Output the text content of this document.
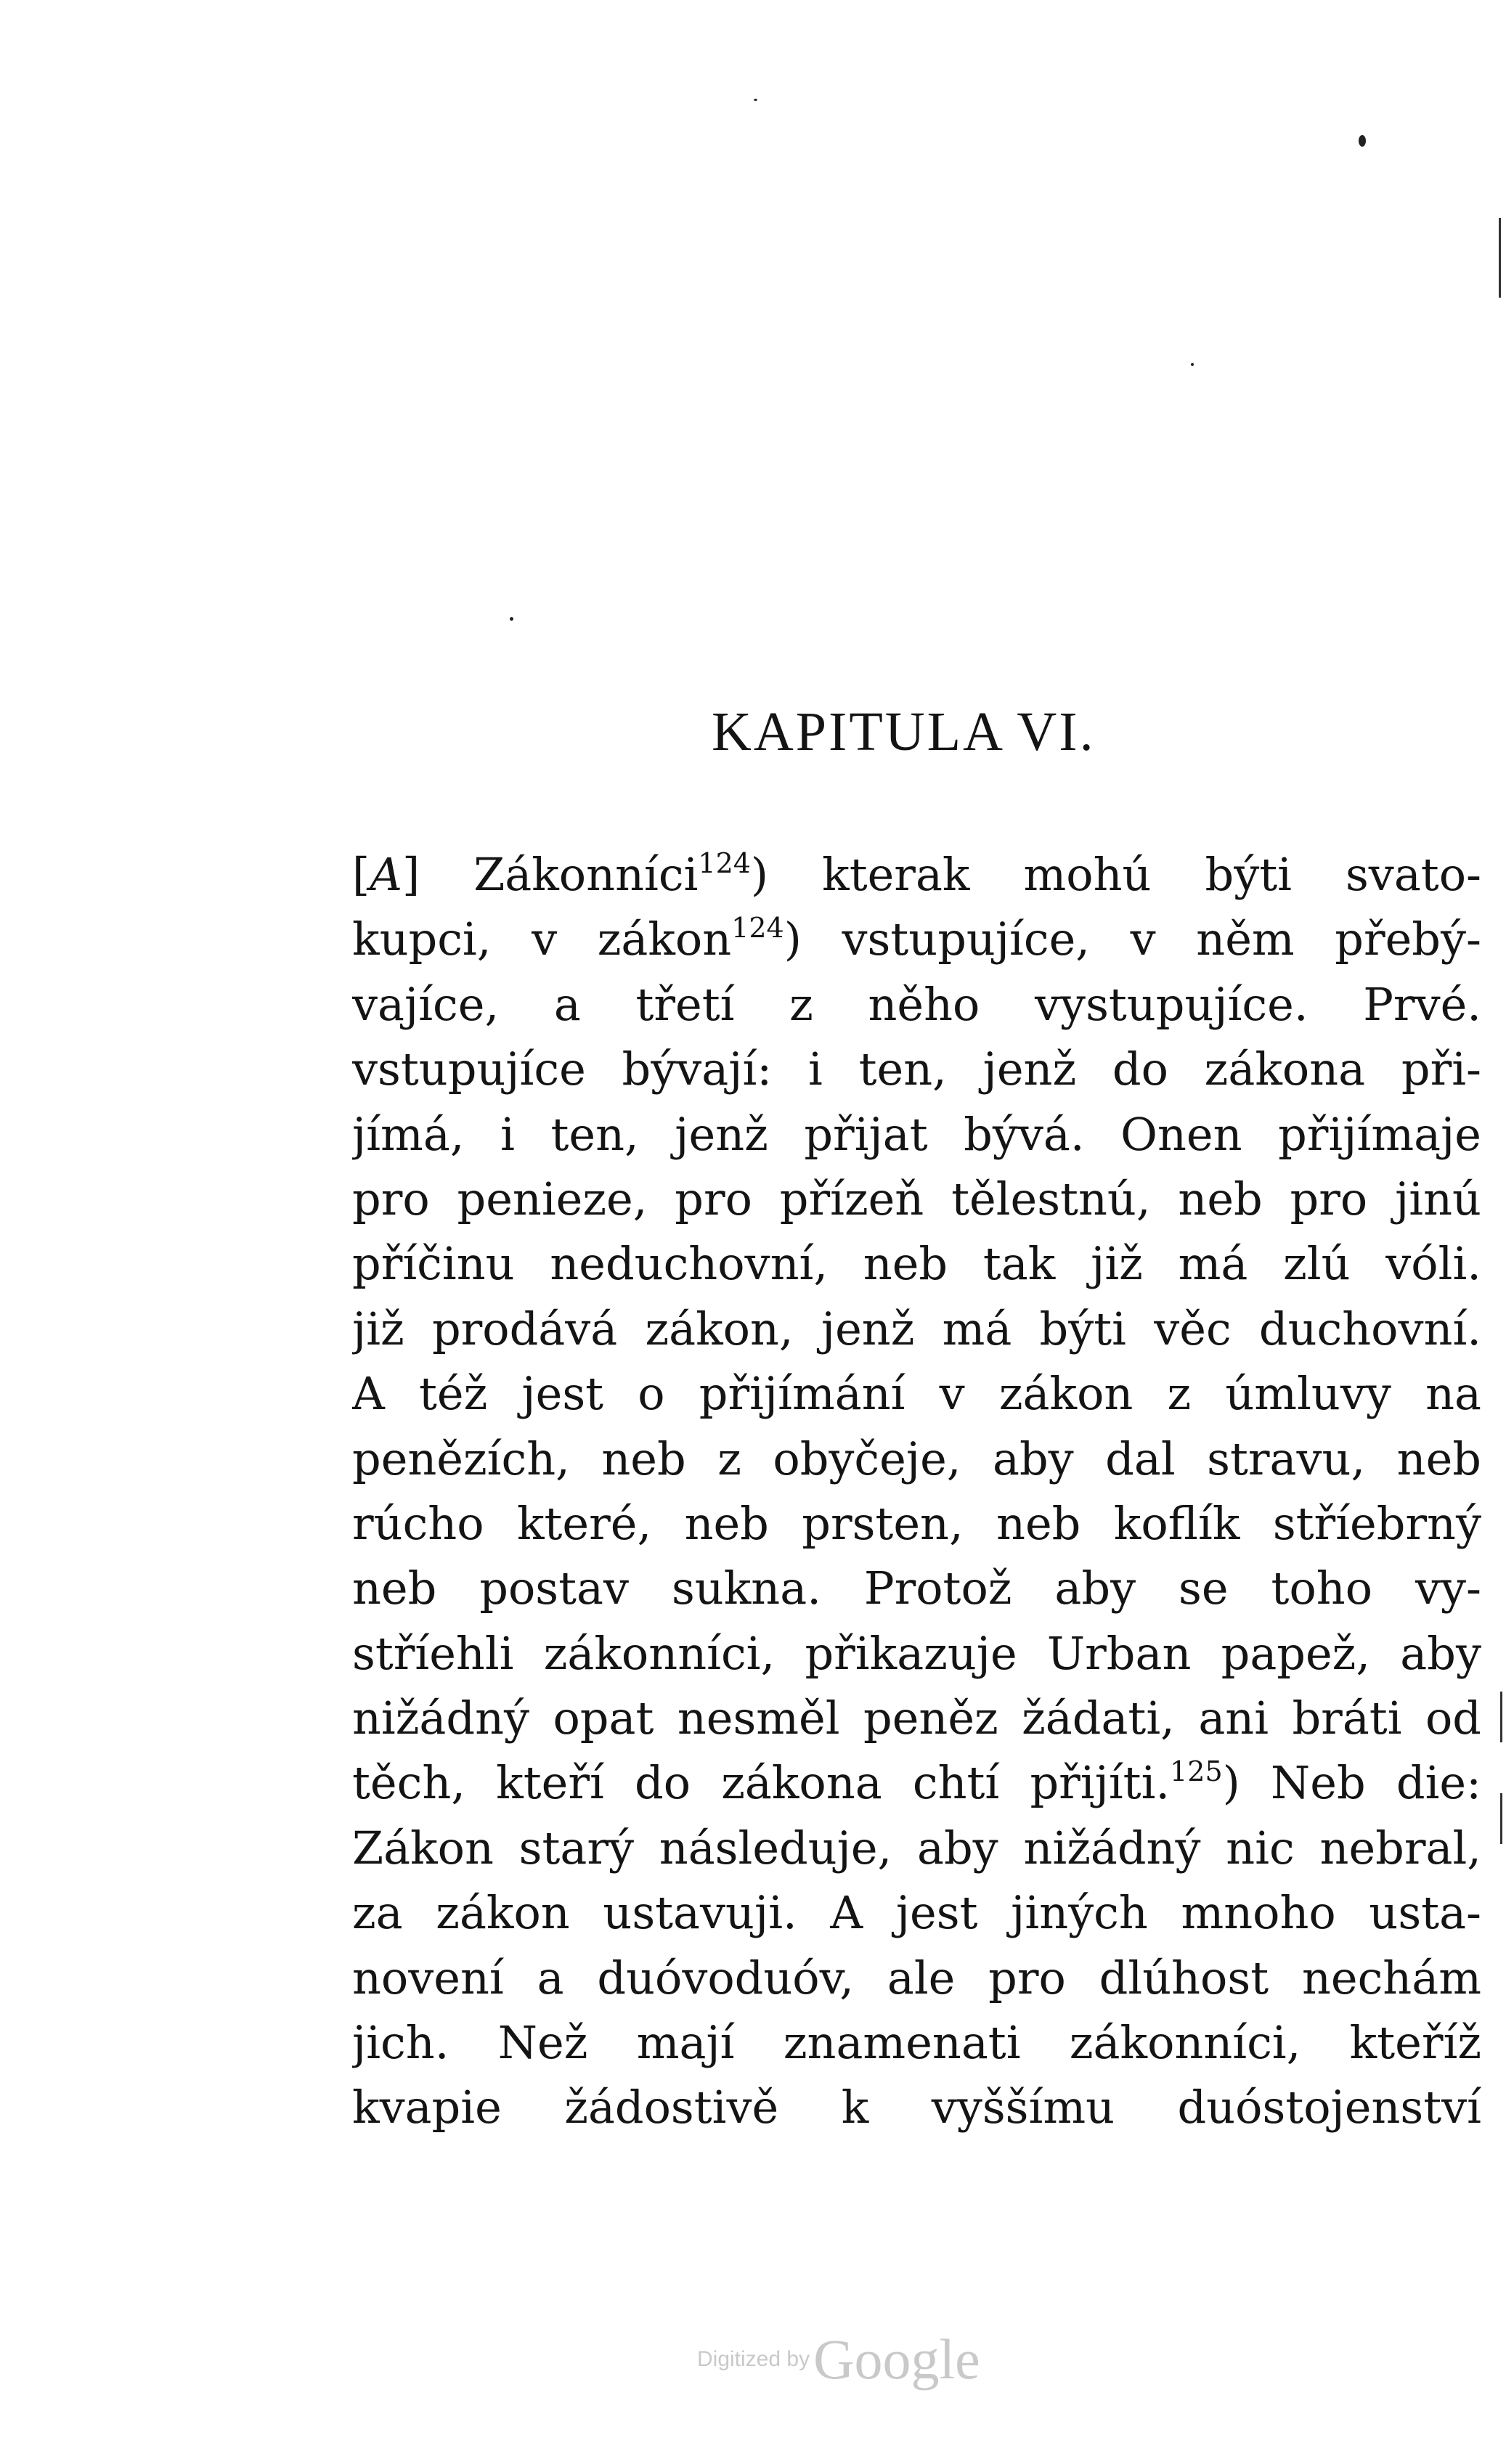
KAPITULA VI.
[A] Zákonníci$^{124}$) kterak mohú býti svato-
kupci, v zákon$^{124}$) vstupujíce, v něm přebý-
vajíce, a třetí z něho vystupujíce. Prvé.
vstupujíce bývají: i ten, jenž do zákona při-
jímá, i ten, jenž přijat bývá. Onen přijímaje
pro penieze, pro přízeň tělestnú, neb pro jinú
příčinu neduchovní, neb tak již má zlú vóli.
již prodává zákon, jenž má býti věc duchovní.
A též jest o přijímání v zákon z úmluvy na
penězích, neb z obyčeje, aby dal stravu, neb
rúcho které, neb prsten, neb koflík stříebrný
neb postav sukna. Protož aby se toho vy-
stříehli zákonníci, přikazuje Urban papež, aby
nižádný opat nesměl peněz žádati, ani bráti od
těch, kteří do zákona chtí přijíti.$^{125}$) Neb die:
Zákon starý následuje, aby nižádný nic nebral,
za zákon ustavuji. A jest jiných mnoho usta-
novení a duóvoduóv, ale pro dlúhost nechám
jich. Než mají znamenati zákonníci, kteříž
kvapie žádostivě k vyššímu duóstojenství
Digitized by Google
